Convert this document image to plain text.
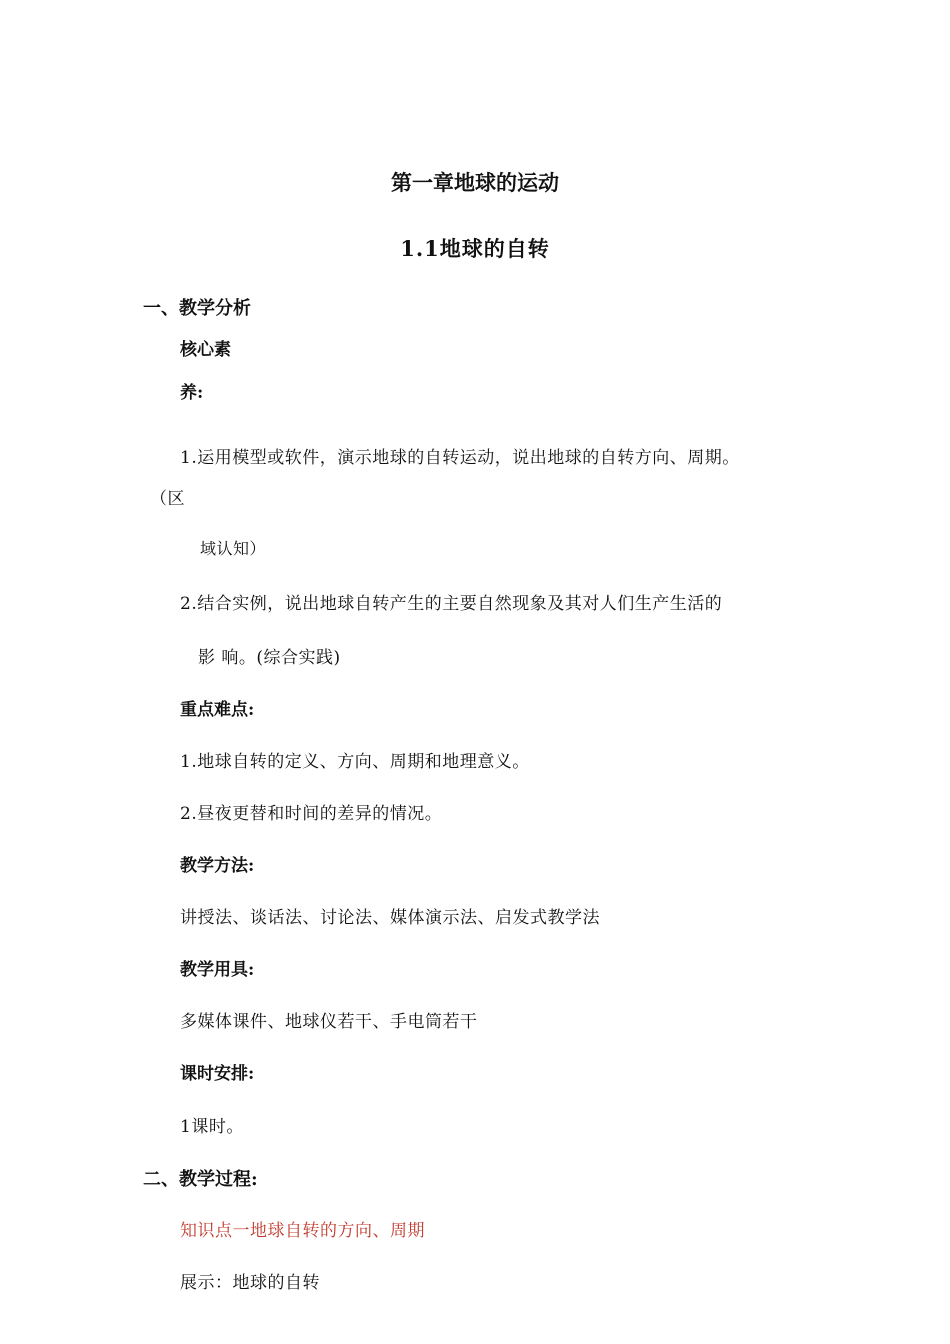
第一章地球的运动
1.1地球的自转
一、教学分析
核心素
养:
1.运用模型或软件，演示地球的自转运动，说出地球的自转方向、周期。
（区
域认知）
2.结合实例，说出地球自转产生的主要自然现象及其对人们生产生活的
影 响。(综合实践)
重点难点:
1.地球自转的定义、方向、周期和地理意义。
2.昼夜更替和时间的差异的情况。
教学方法:
讲授法、谈话法、讨论法、媒体演示法、启发式教学法
教学用具:
多媒体课件、地球仪若干、手电筒若干
课时安排:
1课时。
二、教学过程:
知识点一地球自转的方向、周期
展示：地球的自转
